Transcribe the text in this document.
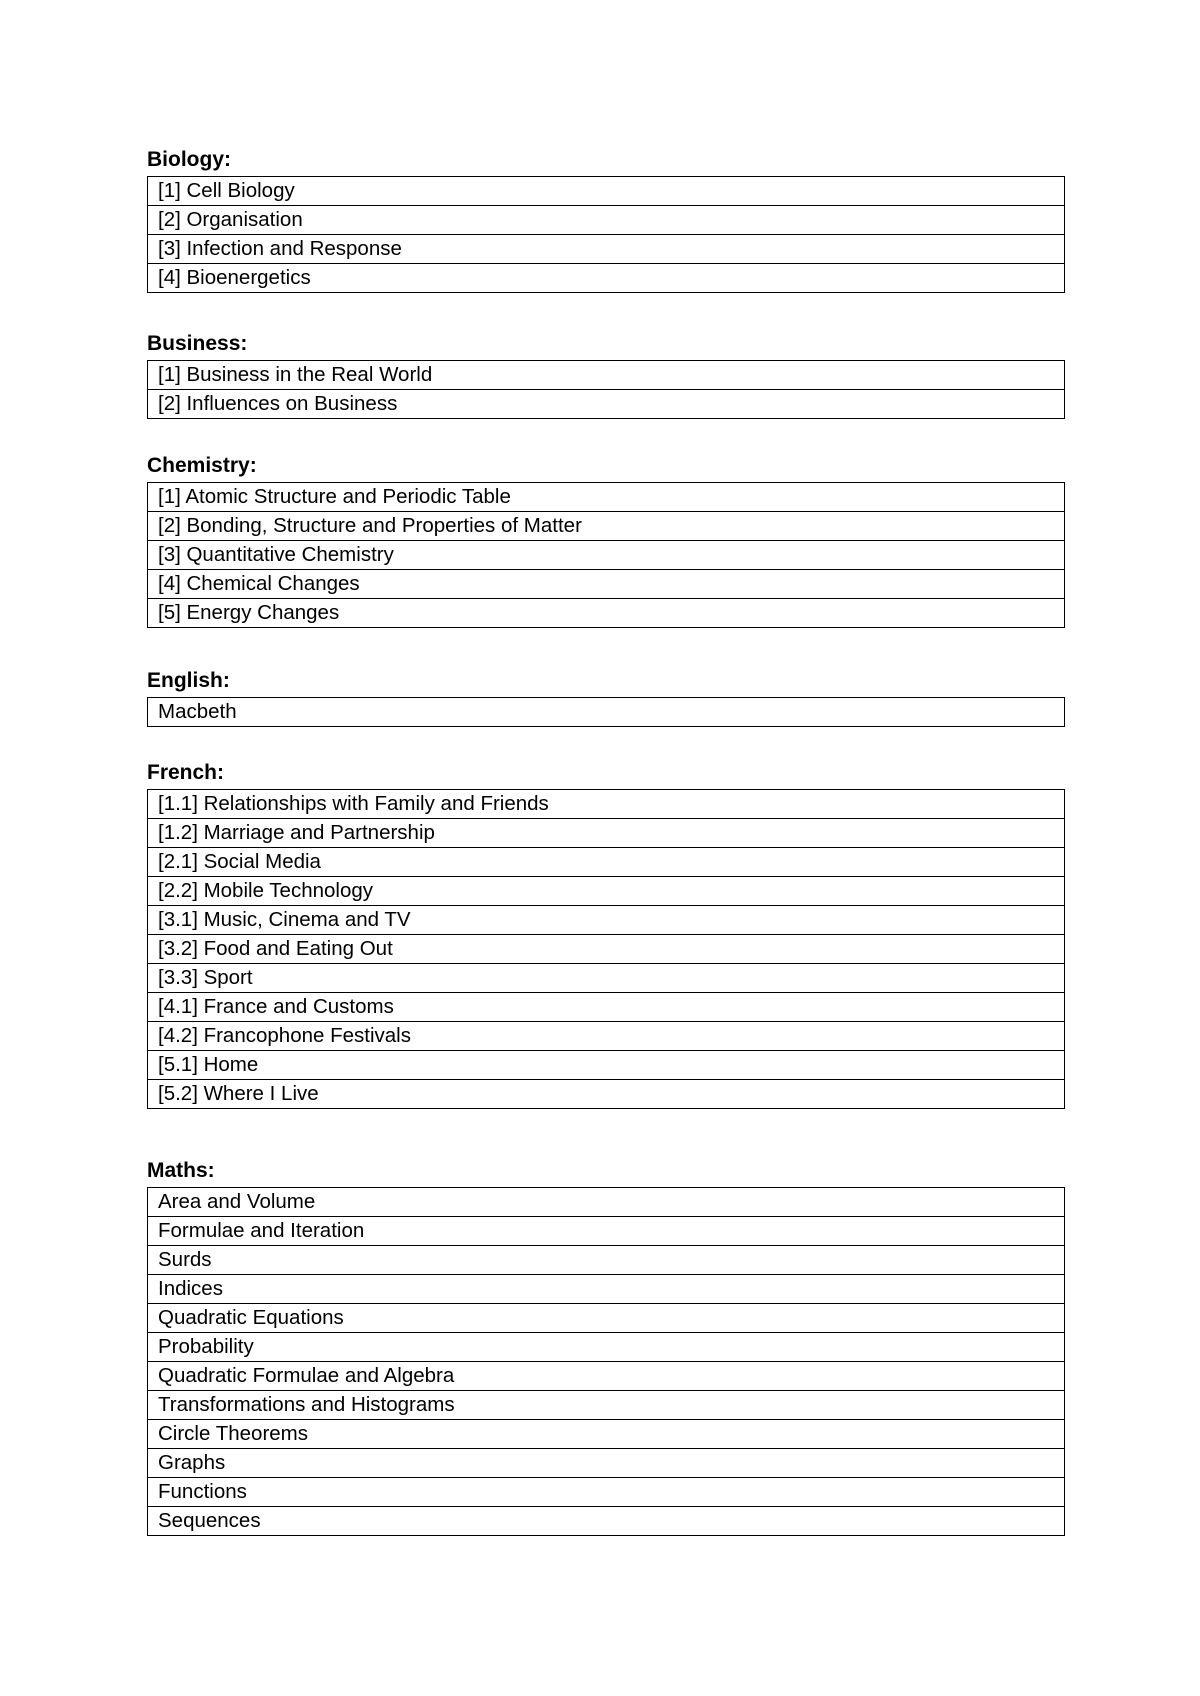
Biology:
[1] Cell Biology
[2] Organisation
[3] Infection and Response
[4] Bioenergetics
Business:
[1] Business in the Real World
[2] Influences on Business
Chemistry:
[1] Atomic Structure and Periodic Table
[2] Bonding, Structure and Properties of Matter
[3] Quantitative Chemistry
[4] Chemical Changes
[5] Energy Changes
English:
Macbeth
French:
[1.1] Relationships with Family and Friends
[1.2] Marriage and Partnership
[2.1] Social Media
[2.2] Mobile Technology
[3.1] Music, Cinema and TV
[3.2] Food and Eating Out
[3.3] Sport
[4.1] France and Customs
[4.2] Francophone Festivals
[5.1] Home
[5.2] Where I Live
Maths:
Area and Volume
Formulae and Iteration
Surds
Indices
Quadratic Equations
Probability
Quadratic Formulae and Algebra
Transformations and Histograms
Circle Theorems
Graphs
Functions
Sequences
